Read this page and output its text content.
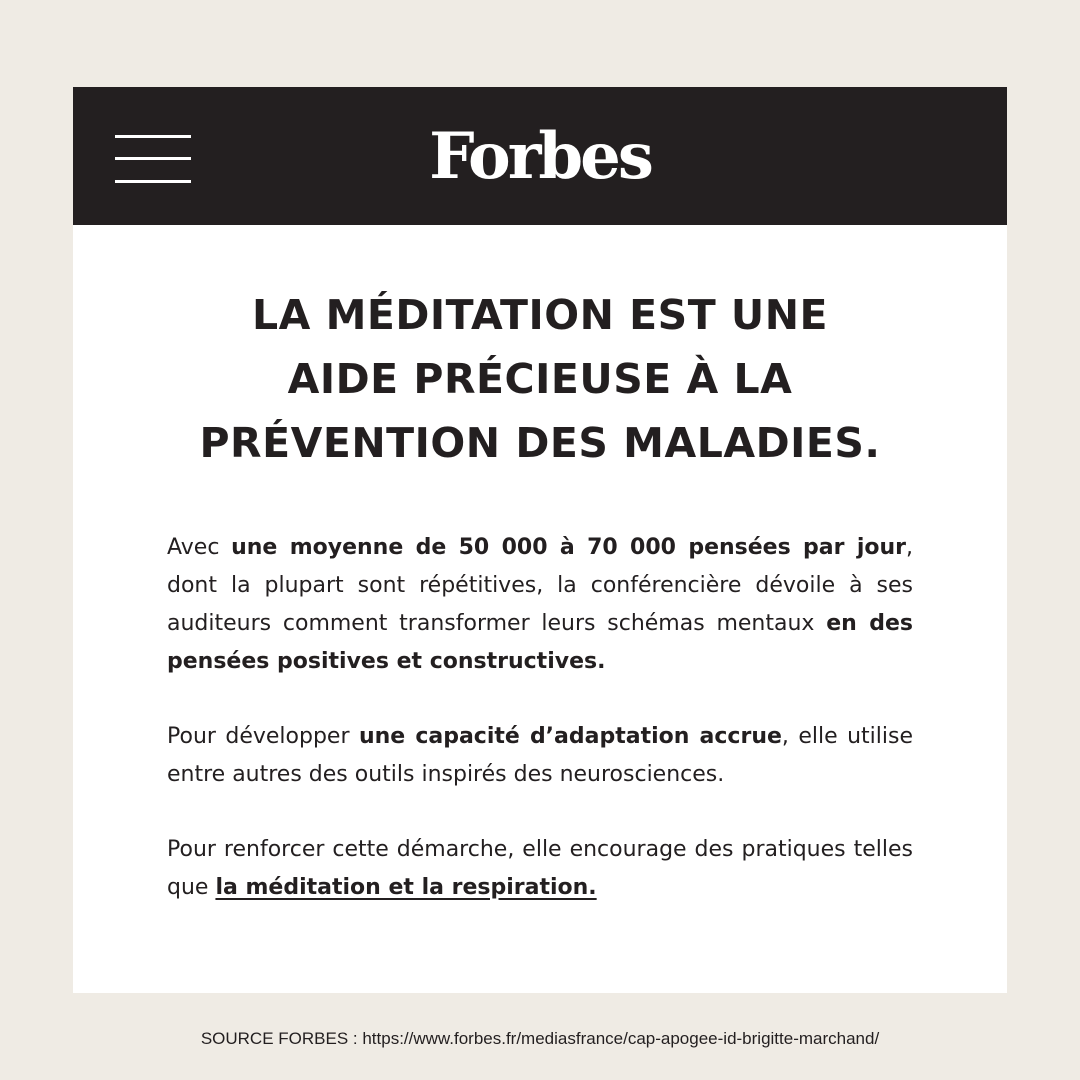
Forbes
LA MÉDITATION EST UNE
AIDE PRÉCIEUSE À LA
PRÉVENTION DES MALADIES.

Avec une moyenne de 50 000 à 70 000 pensées par jour, dont la plupart sont répétitives, la conférencière dévoile à ses auditeurs comment transformer leurs schémas mentaux en des pensées positives et constructives.

Pour développer une capacité d’adaptation accrue, elle utilise entre autres des outils inspirés des neurosciences.

Pour renforcer cette démarche, elle encourage des pratiques telles que la méditation et la respiration.

SOURCE FORBES : https://www.forbes.fr/mediasfrance/cap-apogee-id-brigitte-marchand/
